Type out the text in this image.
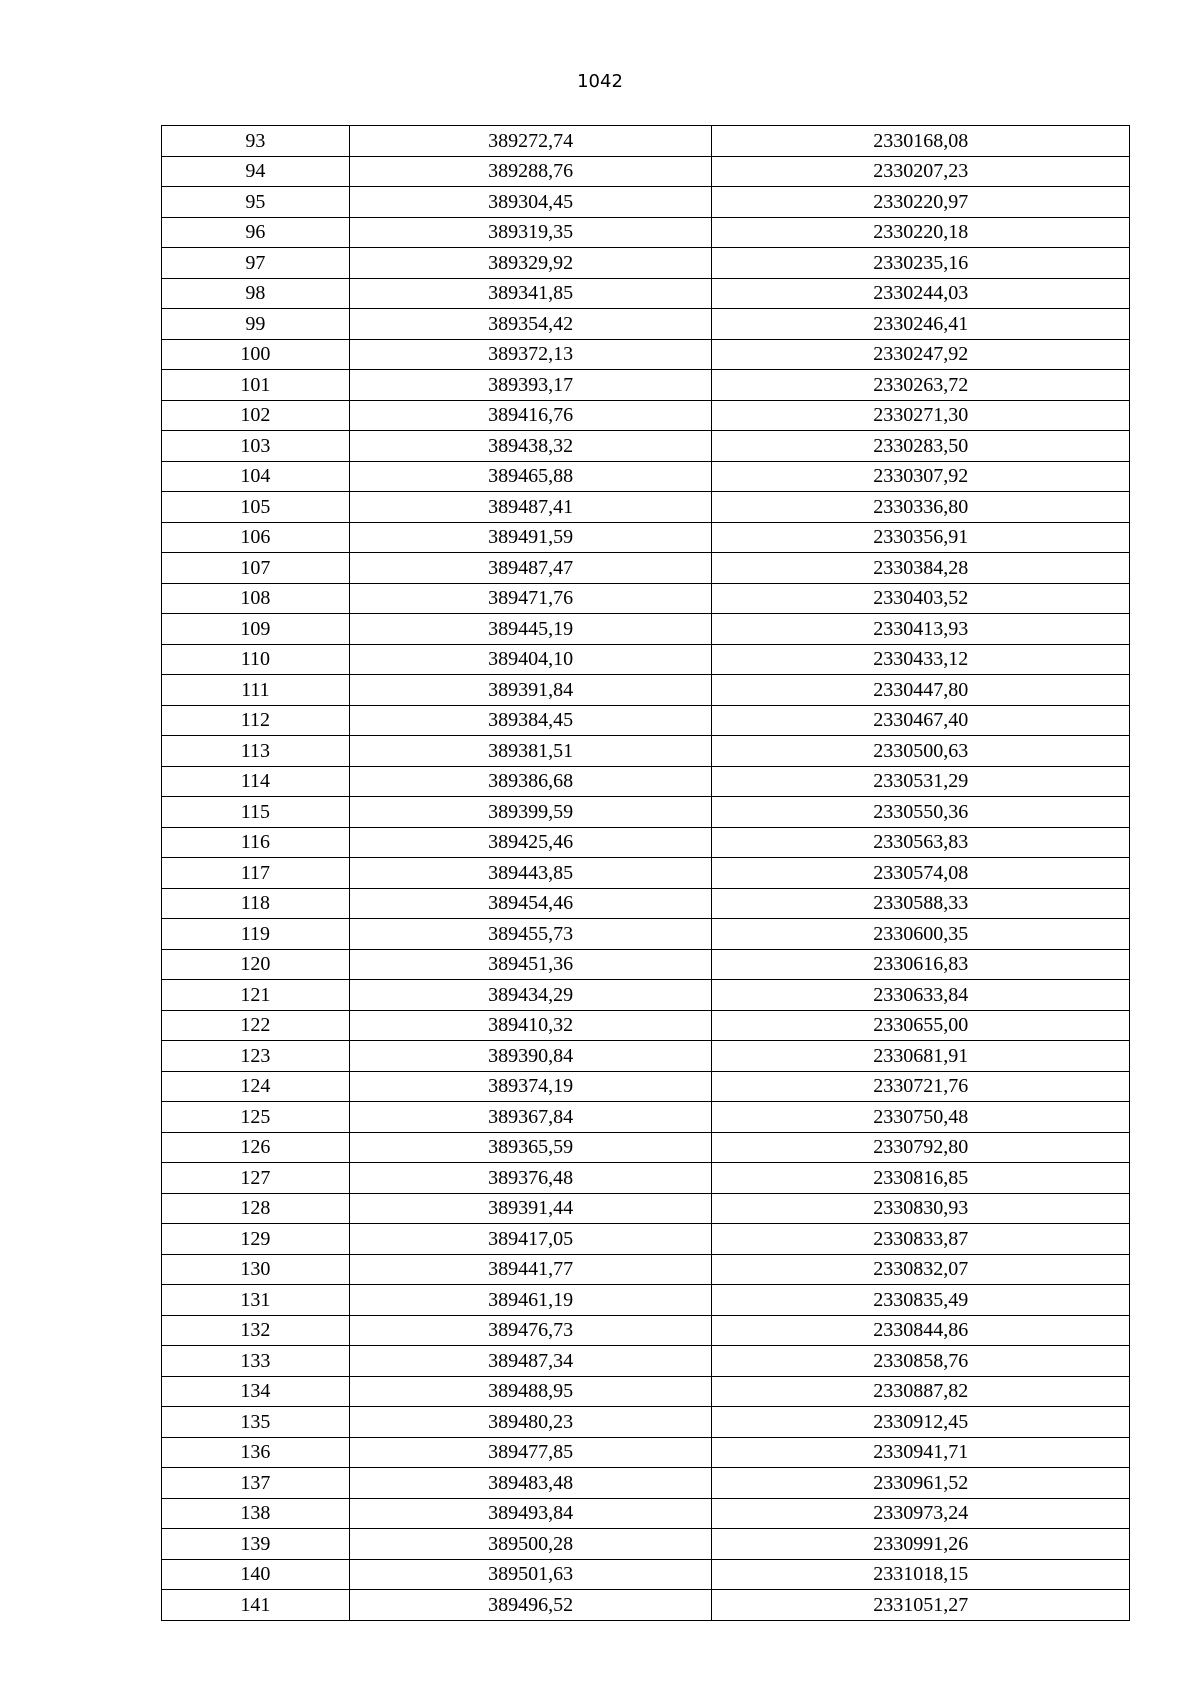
1042
93	389272,74	2330168,08
94	389288,76	2330207,23
95	389304,45	2330220,97
96	389319,35	2330220,18
97	389329,92	2330235,16
98	389341,85	2330244,03
99	389354,42	2330246,41
100	389372,13	2330247,92
101	389393,17	2330263,72
102	389416,76	2330271,30
103	389438,32	2330283,50
104	389465,88	2330307,92
105	389487,41	2330336,80
106	389491,59	2330356,91
107	389487,47	2330384,28
108	389471,76	2330403,52
109	389445,19	2330413,93
110	389404,10	2330433,12
111	389391,84	2330447,80
112	389384,45	2330467,40
113	389381,51	2330500,63
114	389386,68	2330531,29
115	389399,59	2330550,36
116	389425,46	2330563,83
117	389443,85	2330574,08
118	389454,46	2330588,33
119	389455,73	2330600,35
120	389451,36	2330616,83
121	389434,29	2330633,84
122	389410,32	2330655,00
123	389390,84	2330681,91
124	389374,19	2330721,76
125	389367,84	2330750,48
126	389365,59	2330792,80
127	389376,48	2330816,85
128	389391,44	2330830,93
129	389417,05	2330833,87
130	389441,77	2330832,07
131	389461,19	2330835,49
132	389476,73	2330844,86
133	389487,34	2330858,76
134	389488,95	2330887,82
135	389480,23	2330912,45
136	389477,85	2330941,71
137	389483,48	2330961,52
138	389493,84	2330973,24
139	389500,28	2330991,26
140	389501,63	2331018,15
141	389496,52	2331051,27
